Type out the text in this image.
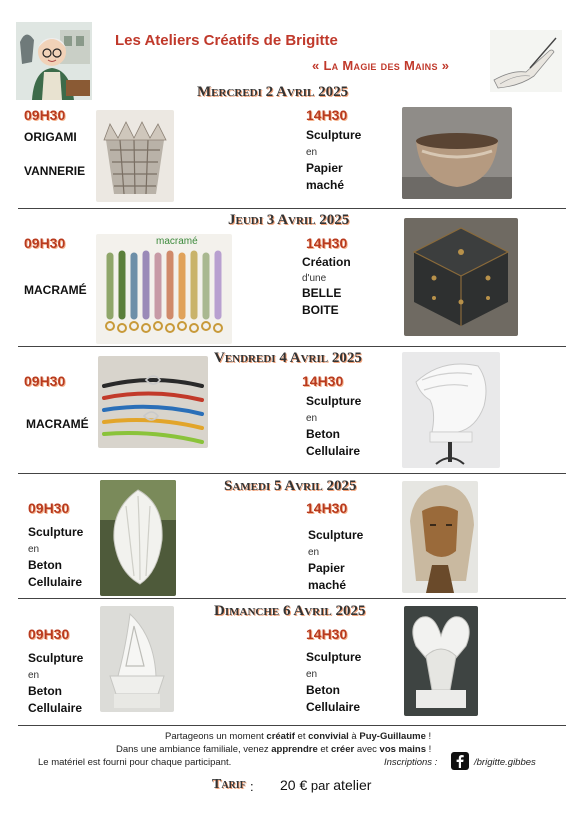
Les Ateliers Créatifs de Brigitte
« La Magie des Mains »
Mercredi 2 Avril 2025
09H30
ORIGAMI
VANNERIE
14H30
Sculpture
en
Papier
maché
Jeudi 3 Avril 2025
09H30
MACRAMÉ
macramé	14H30
Création
d'une
BELLE
BOITE
Vendredi 4 Avril 2025
09H30
MACRAMÉ
14H30
Sculpture
en
Beton
Cellulaire
Samedi 5 Avril 2025
09H30
Sculpture
en
Beton
Cellulaire
14H30
Sculpture
en
Papier
maché
Dimanche 6 Avril 2025
09H30
Sculpture
en
Beton
Cellulaire
14H30
Sculpture
en
Beton
Cellulaire
Partageons un moment créatif et convivial à Puy-Guillaume !
Dans une ambiance familiale, venez apprendre et créer avec vos mains !
Le matériel est fourni pour chaque participant.	Inscriptions :	/brigitte.gibbes
Tarif : 20 € par atelier
